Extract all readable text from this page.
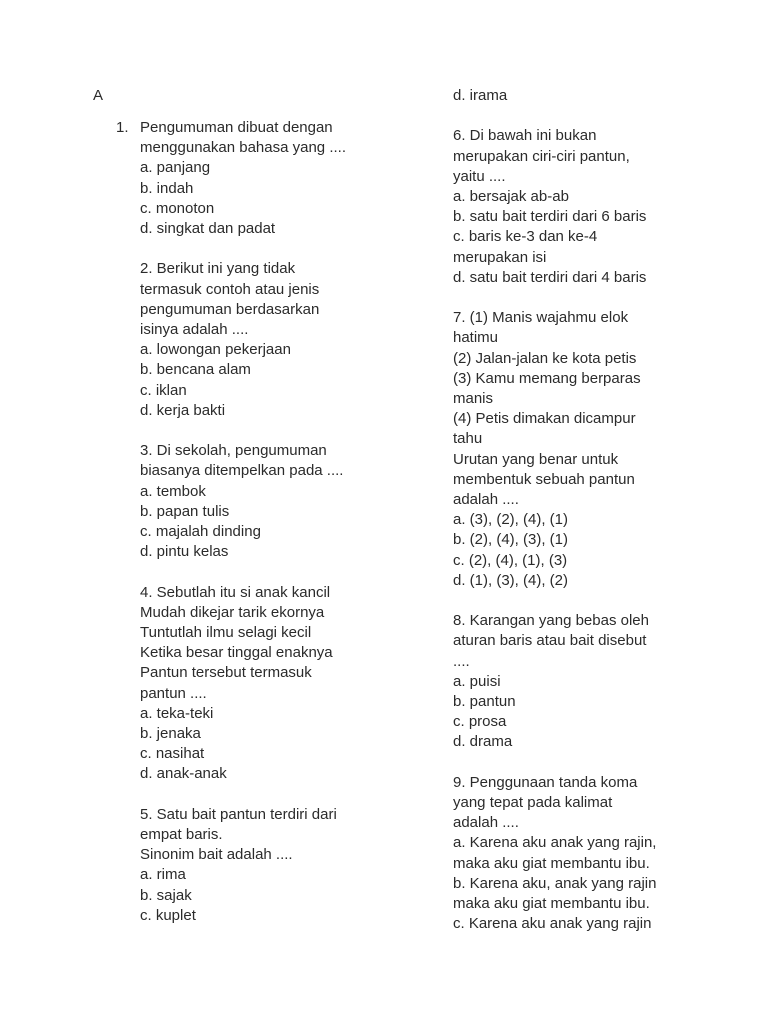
A

1. Pengumuman dibuat dengan
menggunakan bahasa yang ....

a. panjang
b. indah
c. monoton
d. singkat dan padat

2. Berikut ini yang tidak
termasuk contoh atau jenis
pengumuman berdasarkan
isinya adalah ....

a. lowongan pekerjaan
b. bencana alam
c. iklan
d. kerja bakti

3. Di sekolah, pengumuman
biasanya ditempelkan pada ....

a. tembok
b. papan tulis
c. majalah dinding
d. pintu kelas

4. Sebutlah itu si anak kancil
Mudah dikejar tarik ekornya
Tuntutlah ilmu selagi kecil
Ketika besar tinggal enaknya
Pantun tersebut termasuk
pantun ....

a. teka-teki
b. jenaka
c. nasihat
d. anak-anak

5. Satu bait pantun terdiri dari
empat baris.
Sinonim bait adalah ....

a. rima
b. sajak
c. kuplet
d. irama

6. Di bawah ini bukan
merupakan ciri-ciri pantun,
yaitu ....

a. bersajak ab-ab
b. satu bait terdiri dari 6 baris

c. baris ke-3 dan ke-4
merupakan isi

d. satu bait terdiri dari 4 baris

7. (1) Manis wajahmu elok
hatimu
(2) Jalan-jalan ke kota petis
(3) Kamu memang berparas
manis
(4) Petis dimakan dicampur
tahu
Urutan yang benar untuk
membentuk sebuah pantun
adalah ....

a. (3), (2), (4), (1)
b. (2), (4), (3), (1)
c. (2), (4), (1), (3)
d. (1), (3), (4), (2)

8. Karangan yang bebas oleh
aturan baris atau bait disebut
....

a. puisi
b. pantun
c. prosa
d. drama

9. Penggunaan tanda koma
yang tepat pada kalimat
adalah ....

a. Karena aku anak yang rajin,
maka aku giat membantu ibu.

b. Karena aku, anak yang rajin
maka aku giat membantu ibu.

c. Karena aku anak yang rajin
